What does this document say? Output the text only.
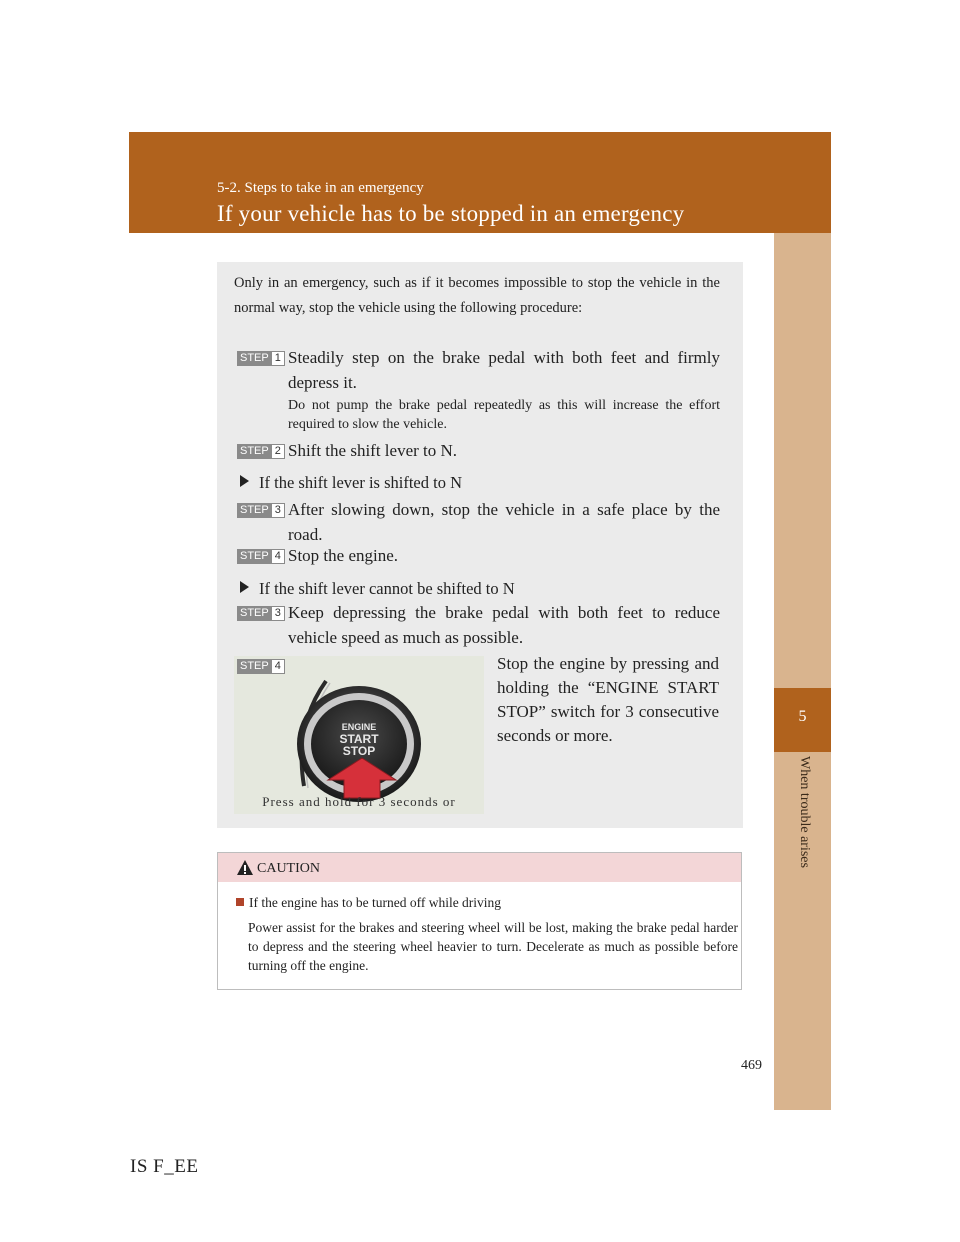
5-2. Steps to take in an emergency
If your vehicle has to be stopped in an emergency
5
When trouble arises
Only in an emergency, such as if it becomes impossible to stop the vehicle in the normal way, stop the vehicle using the following procedure:
STEP 1 Steadily step on the brake pedal with both feet and firmly depress it.
Do not pump the brake pedal repeatedly as this will increase the effort required to slow the vehicle.
STEP 2 Shift the shift lever to N.
If the shift lever is shifted to N
STEP 3 After slowing down, stop the vehicle in a safe place by the road.
STEP 4 Stop the engine.
If the shift lever cannot be shifted to N
STEP 3 Keep depressing the brake pedal with both feet to reduce vehicle speed as much as possible.
ENGINE
START
STOP
Press and hold for 3 seconds or
STEP 4	Stop the engine by pressing and holding the “ENGINE START STOP” switch for 3 consecutive seconds or more.
CAUTION
If the engine has to be turned off while driving
Power assist for the brakes and steering wheel will be lost, making the brake pedal harder to depress and the steering wheel heavier to turn. Decelerate as much as possible before turning off the engine.
469
IS F_EE
